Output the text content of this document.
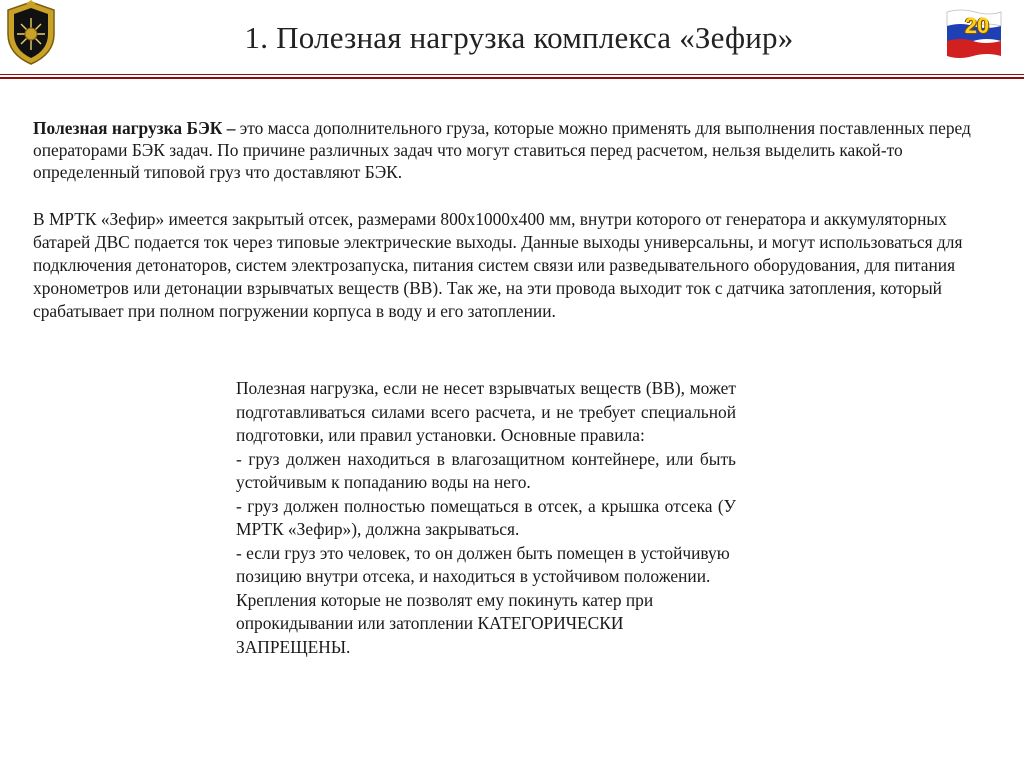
1. Полезная нагрузка комплекса «Зефир»	20
Полезная нагрузка БЭК – это масса дополнительного груза, которые можно применять для выполнения поставленных перед операторами БЭК задач. По причине различных задач что могут ставиться перед расчетом, нельзя выделить какой-то определенный типовой груз что доставляют БЭК.
В МРТК «Зефир» имеется закрытый отсек, размерами 800х1000х400 мм, внутри которого от генератора и аккумуляторных батарей ДВС подается ток через типовые электрические выходы. Данные выходы универсальны, и могут использоваться для подключения детонаторов, систем электрозапуска, питания систем связи или разведывательного оборудования, для питания хронометров или детонации взрывчатых веществ (ВВ). Так же, на эти провода выходит ток с датчика затопления, который срабатывает при полном погружении корпуса в воду и его затоплении.

Полезная нагрузка, если не несет взрывчатых веществ (ВВ), может подготавливаться силами всего расчета, и не требует специальной подготовки, или правил установки. Основные правила:

- груз должен находиться в влагозащитном контейнере, или быть устойчивым к попаданию воды на него.

- груз должен полностью помещаться в отсек, а крышка отсека (У МРТК «Зефир»), должна закрываться.

- если груз это человек, то он должен быть помещен в устойчивую позицию внутри отсека, и находиться в устойчивом положении. Крепления которые не позволят ему покинуть катер при опрокидывании или затоплении КАТЕГОРИЧЕСКИ ЗАПРЕЩЕНЫ.
